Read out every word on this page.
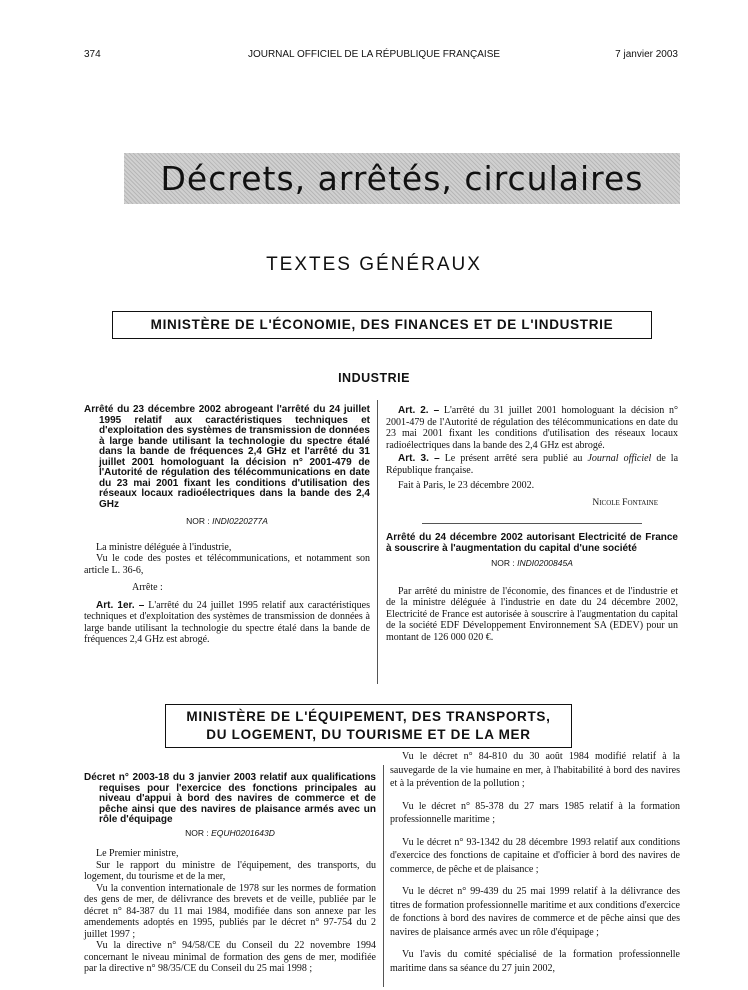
374	JOURNAL OFFICIEL DE LA RÉPUBLIQUE FRANÇAISE	7 janvier 2003
Décrets, arrêtés, circulaires
TEXTES GÉNÉRAUX
MINISTÈRE DE L'ÉCONOMIE, DES FINANCES ET DE L'INDUSTRIE
INDUSTRIE
Arrêté du 23 décembre 2002 abrogeant l'arrêté du 24 juillet 1995 relatif aux caractéristiques techniques et d'exploitation des systèmes de transmission de données à large bande utilisant la technologie du spectre étalé dans la bande de fréquences 2,4 GHz et l'arrêté du 31 juillet 2001 homologuant la décision n° 2001-479 de l'Autorité de régulation des télécommunications en date du 23 mai 2001 fixant les conditions d'utilisation des réseaux locaux radioélectriques dans la bande des 2,4 GHz
NOR : INDI0220277A

La ministre déléguée à l'industrie,

Vu le code des postes et télécommunications, et notamment son article L. 36-6,

Arrête :

Art. 1er. – L'arrêté du 24 juillet 1995 relatif aux caractéristiques techniques et d'exploitation des systèmes de transmission de données à large bande utilisant la technologie du spectre étalé dans la bande de fréquences 2,4 GHz est abrogé.

Art. 2. – L'arrêté du 31 juillet 2001 homologuant la décision n° 2001-479 de l'Autorité de régulation des télécommunications en date du 23 mai 2001 fixant les conditions d'utilisation des réseaux locaux radioélectriques dans la bande des 2,4 GHz est abrogé.

Art. 3. – Le présent arrêté sera publié au Journal officiel de la République française.

Fait à Paris, le 23 décembre 2002.

Nicole Fontaine

Arrêté du 24 décembre 2002 autorisant Electricité de France à souscrire à l'augmentation du capital d'une société
NOR : INDI0200845A

Par arrêté du ministre de l'économie, des finances et de l'industrie et de la ministre déléguée à l'industrie en date du 24 décembre 2002, Electricité de France est autorisée à souscrire à l'augmentation du capital de la société EDF Développement Environnement SA (EDEV) pour un montant de 126 000 020 €.

MINISTÈRE DE L'ÉQUIPEMENT, DES TRANSPORTS,
DU LOGEMENT, DU TOURISME ET DE LA MER
Décret n° 2003-18 du 3 janvier 2003 relatif aux qualifications requises pour l'exercice des fonctions principales au niveau d'appui à bord des navires de commerce et de pêche ainsi que des navires de plaisance armés avec un rôle d'équipage
NOR : EQUH0201643D

Le Premier ministre,

Sur le rapport du ministre de l'équipement, des transports, du logement, du tourisme et de la mer,

Vu la convention internationale de 1978 sur les normes de formation des gens de mer, de délivrance des brevets et de veille, publiée par le décret n° 84-387 du 11 mai 1984, modifiée dans son annexe par les amendements adoptés en 1995, publiés par le décret n° 97-754 du 2 juillet 1997 ;

Vu la directive n° 94/58/CE du Conseil du 22 novembre 1994 concernant le niveau minimal de formation des gens de mer, modifiée par la directive n° 98/35/CE du Conseil du 25 mai 1998 ;

Vu le décret n° 84-810 du 30 août 1984 modifié relatif à la sauvegarde de la vie humaine en mer, à l'habitabilité à bord des navires et à la prévention de la pollution ;

Vu le décret n° 85-378 du 27 mars 1985 relatif à la formation professionnelle maritime ;

Vu le décret n° 93-1342 du 28 décembre 1993 relatif aux conditions d'exercice des fonctions de capitaine et d'officier à bord des navires de commerce, de pêche et de plaisance ;

Vu le décret n° 99-439 du 25 mai 1999 relatif à la délivrance des titres de formation professionnelle maritime et aux conditions d'exercice de fonctions à bord des navires de commerce et de pêche ainsi que des navires de plaisance armés avec un rôle d'équipage ;

Vu l'avis du comité spécialisé de la formation professionnelle maritime dans sa séance du 27 juin 2002,
